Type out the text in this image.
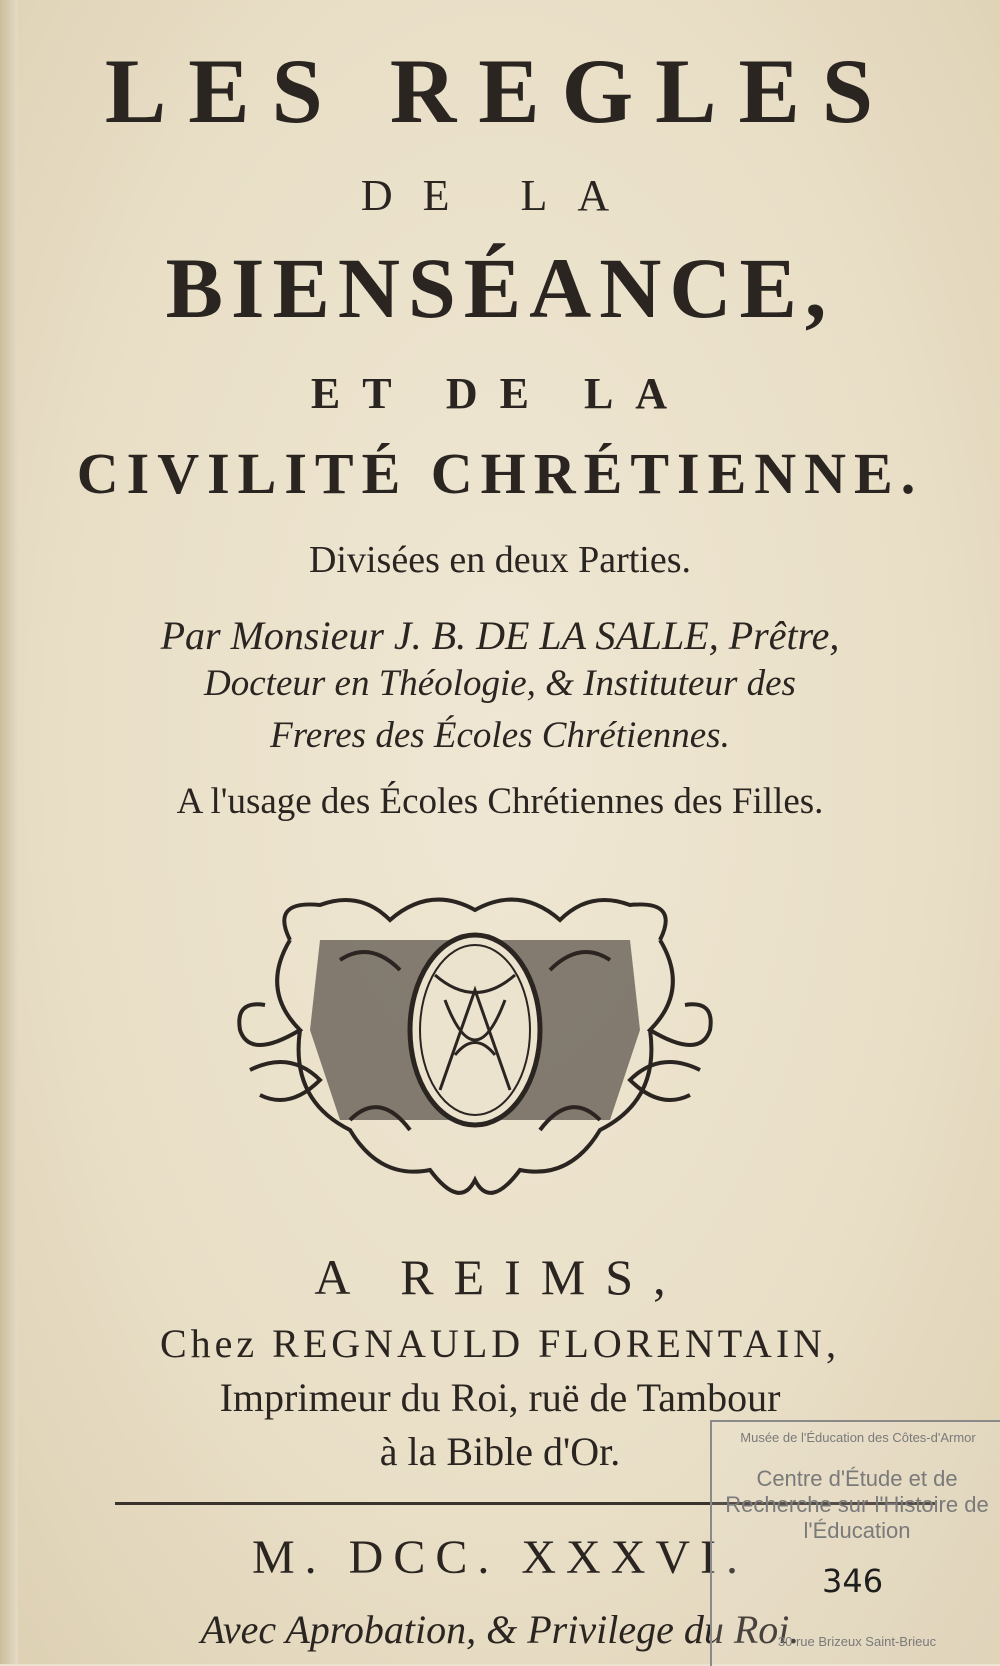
LES REGLES
DE LA
BIENSÉANCE,
ET DE LA
CIVILITÉ CHRÉTIENNE.
Divisées en deux Parties.
Par Monsieur J. B. DE LA SALLE, Prêtre,
Docteur en Théologie, & Instituteur des
Freres des Écoles Chrétiennes.
A l'usage des Écoles Chrétiennes des Filles.
A REIMS,
Chez REGNAULD FLORENTAIN,
Imprimeur du Roi, ruë de Tambour
à la Bible d'Or.
M. DCC. XXXVI.
Avec Aprobation, & Privilege du Roi.
Musée de l'Éducation des Côtes-d'Armor
Centre d'Étude et de Recherche sur l'Histoire de l'Éducation
346
30 rue Brizeux Saint-Brieuc
